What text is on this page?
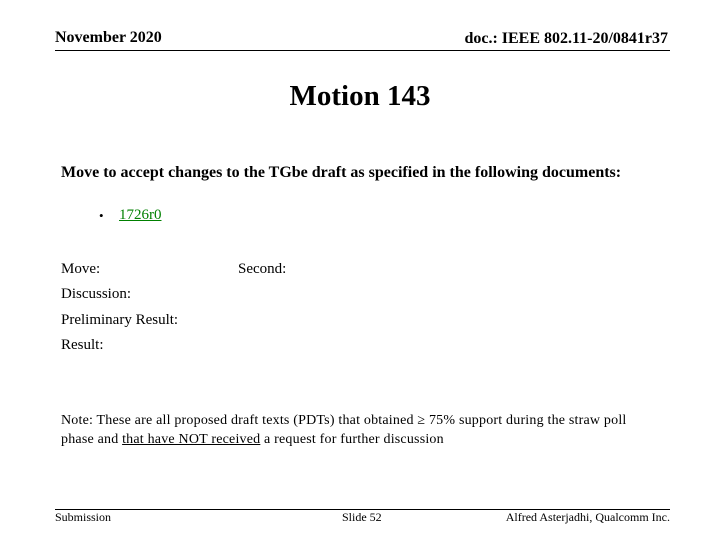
November 2020	doc.: IEEE 802.11-20/0841r37
Motion 143
Move to accept changes to the TGbe draft as specified in the following documents:
• 1726r0
Move:	Second:
Discussion:
Preliminary Result:
Result:
Note: These are all proposed draft texts (PDTs) that obtained ≥ 75% support during the straw poll phase and that have NOT received a request for further discussion
Submission	Slide 52	Alfred Asterjadhi, Qualcomm Inc.
